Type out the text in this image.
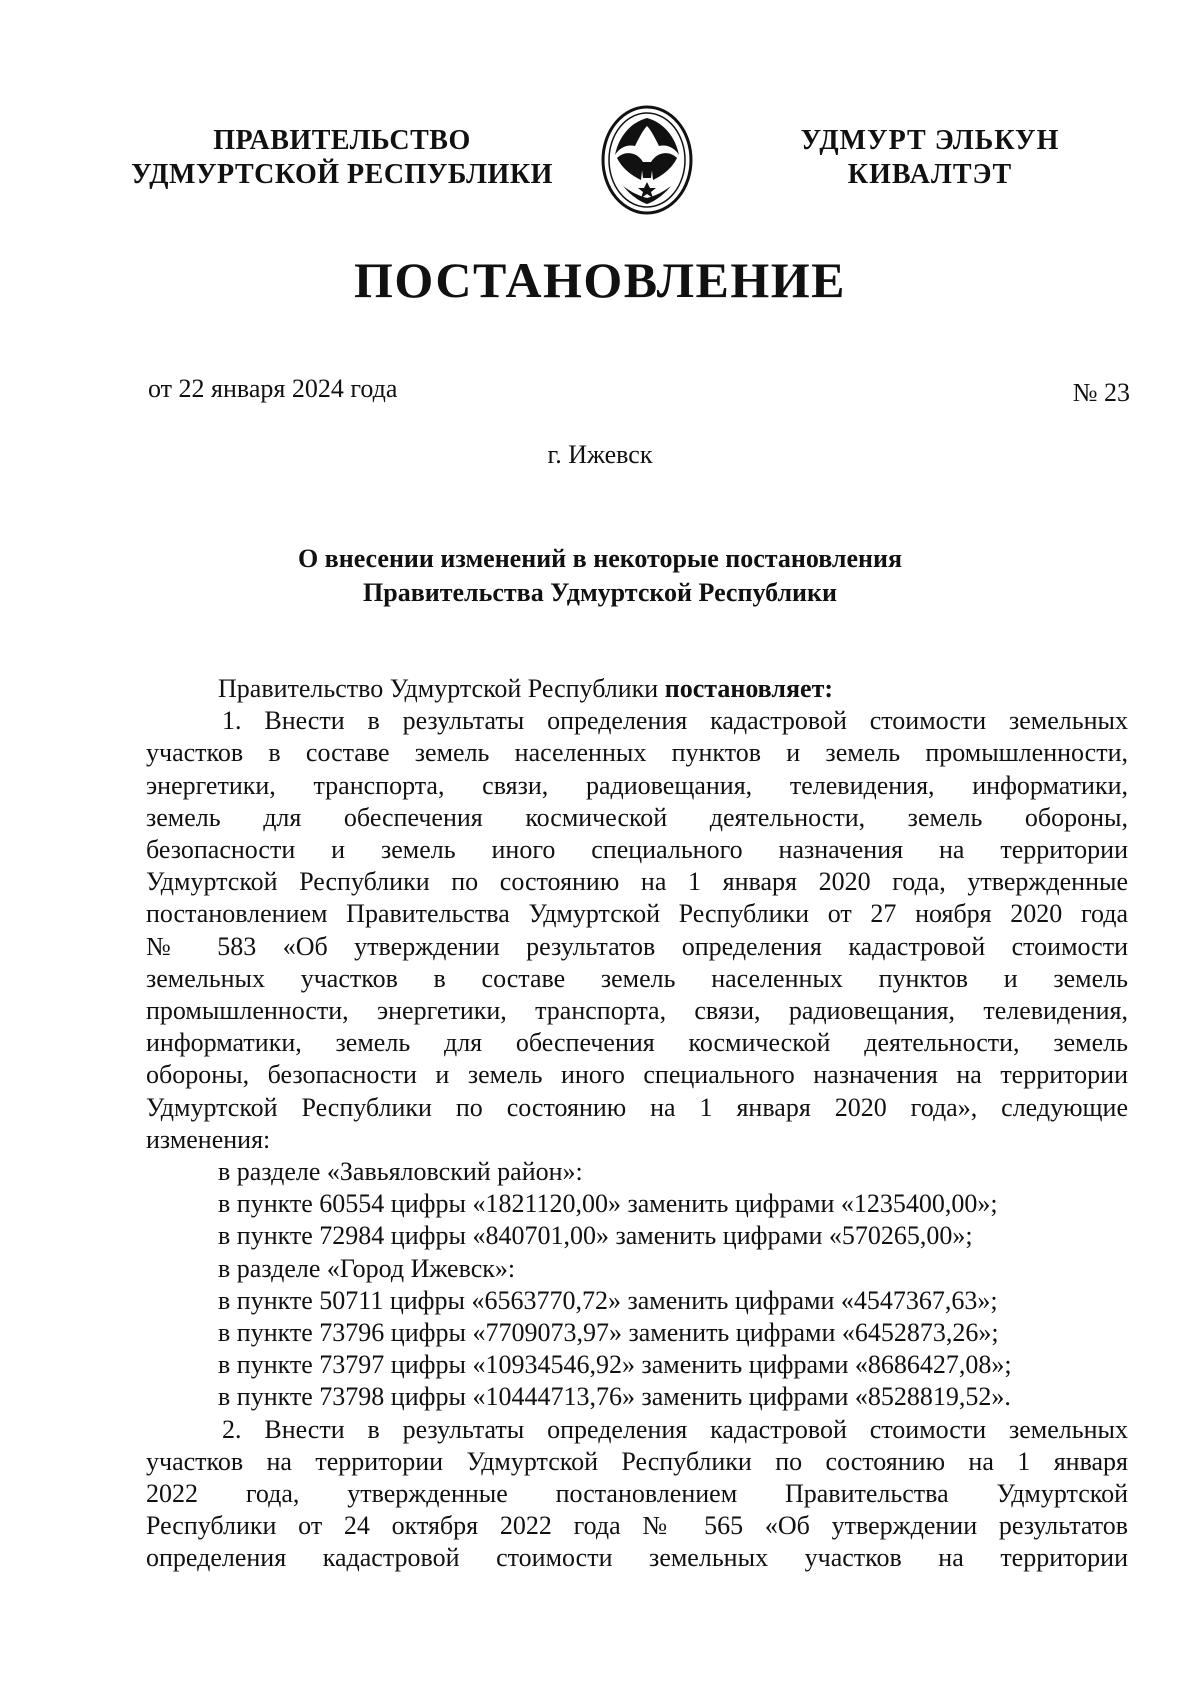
ПРАВИТЕЛЬСТВО
УДМУРТСКОЙ РЕСПУБЛИКИ
УДМУРТ ЭЛЬКУН
КИВАЛТЭТ
ПОСТАНОВЛЕНИЕ
от 22 января 2024 года	№ 23
г. Ижевск
О внесении изменений в некоторые постановления
Правительства Удмуртской Республики

Правительство Удмуртской Республики постановляет:

1. Внести в результаты определения кадастровой стоимости земельных

участков в составе земель населенных пунктов и земель промышленности,

энергетики, транспорта, связи, радиовещания, телевидения, информатики,

земель для обеспечения космической деятельности, земель обороны,

безопасности и земель иного специального назначения на территории

Удмуртской Республики по состоянию на 1 января 2020 года, утвержденные

постановлением Правительства Удмуртской Республики от 27 ноября 2020 года

№ 583 «Об утверждении результатов определения кадастровой стоимости

земельных участков в составе земель населенных пунктов и земель

промышленности, энергетики, транспорта, связи, радиовещания, телевидения,

информатики, земель для обеспечения космической деятельности, земель

обороны, безопасности и земель иного специального назначения на территории

Удмуртской Республики по состоянию на 1 января 2020 года», следующие

изменения:

в разделе «Завьяловский район»:

в пункте 60554 цифры «1821120,00» заменить цифрами «1235400,00»;

в пункте 72984 цифры «840701,00» заменить цифрами «570265,00»;

в разделе «Город Ижевск»:

в пункте 50711 цифры «6563770,72» заменить цифрами «4547367,63»;

в пункте 73796 цифры «7709073,97» заменить цифрами «6452873,26»;

в пункте 73797 цифры «10934546,92» заменить цифрами «8686427,08»;

в пункте 73798 цифры «10444713,76» заменить цифрами «8528819,52».

2. Внести в результаты определения кадастровой стоимости земельных

участков на территории Удмуртской Республики по состоянию на 1 января

2022 года, утвержденные постановлением Правительства Удмуртской

Республики от 24 октября 2022 года № 565 «Об утверждении результатов

определения кадастровой стоимости земельных участков на территории
